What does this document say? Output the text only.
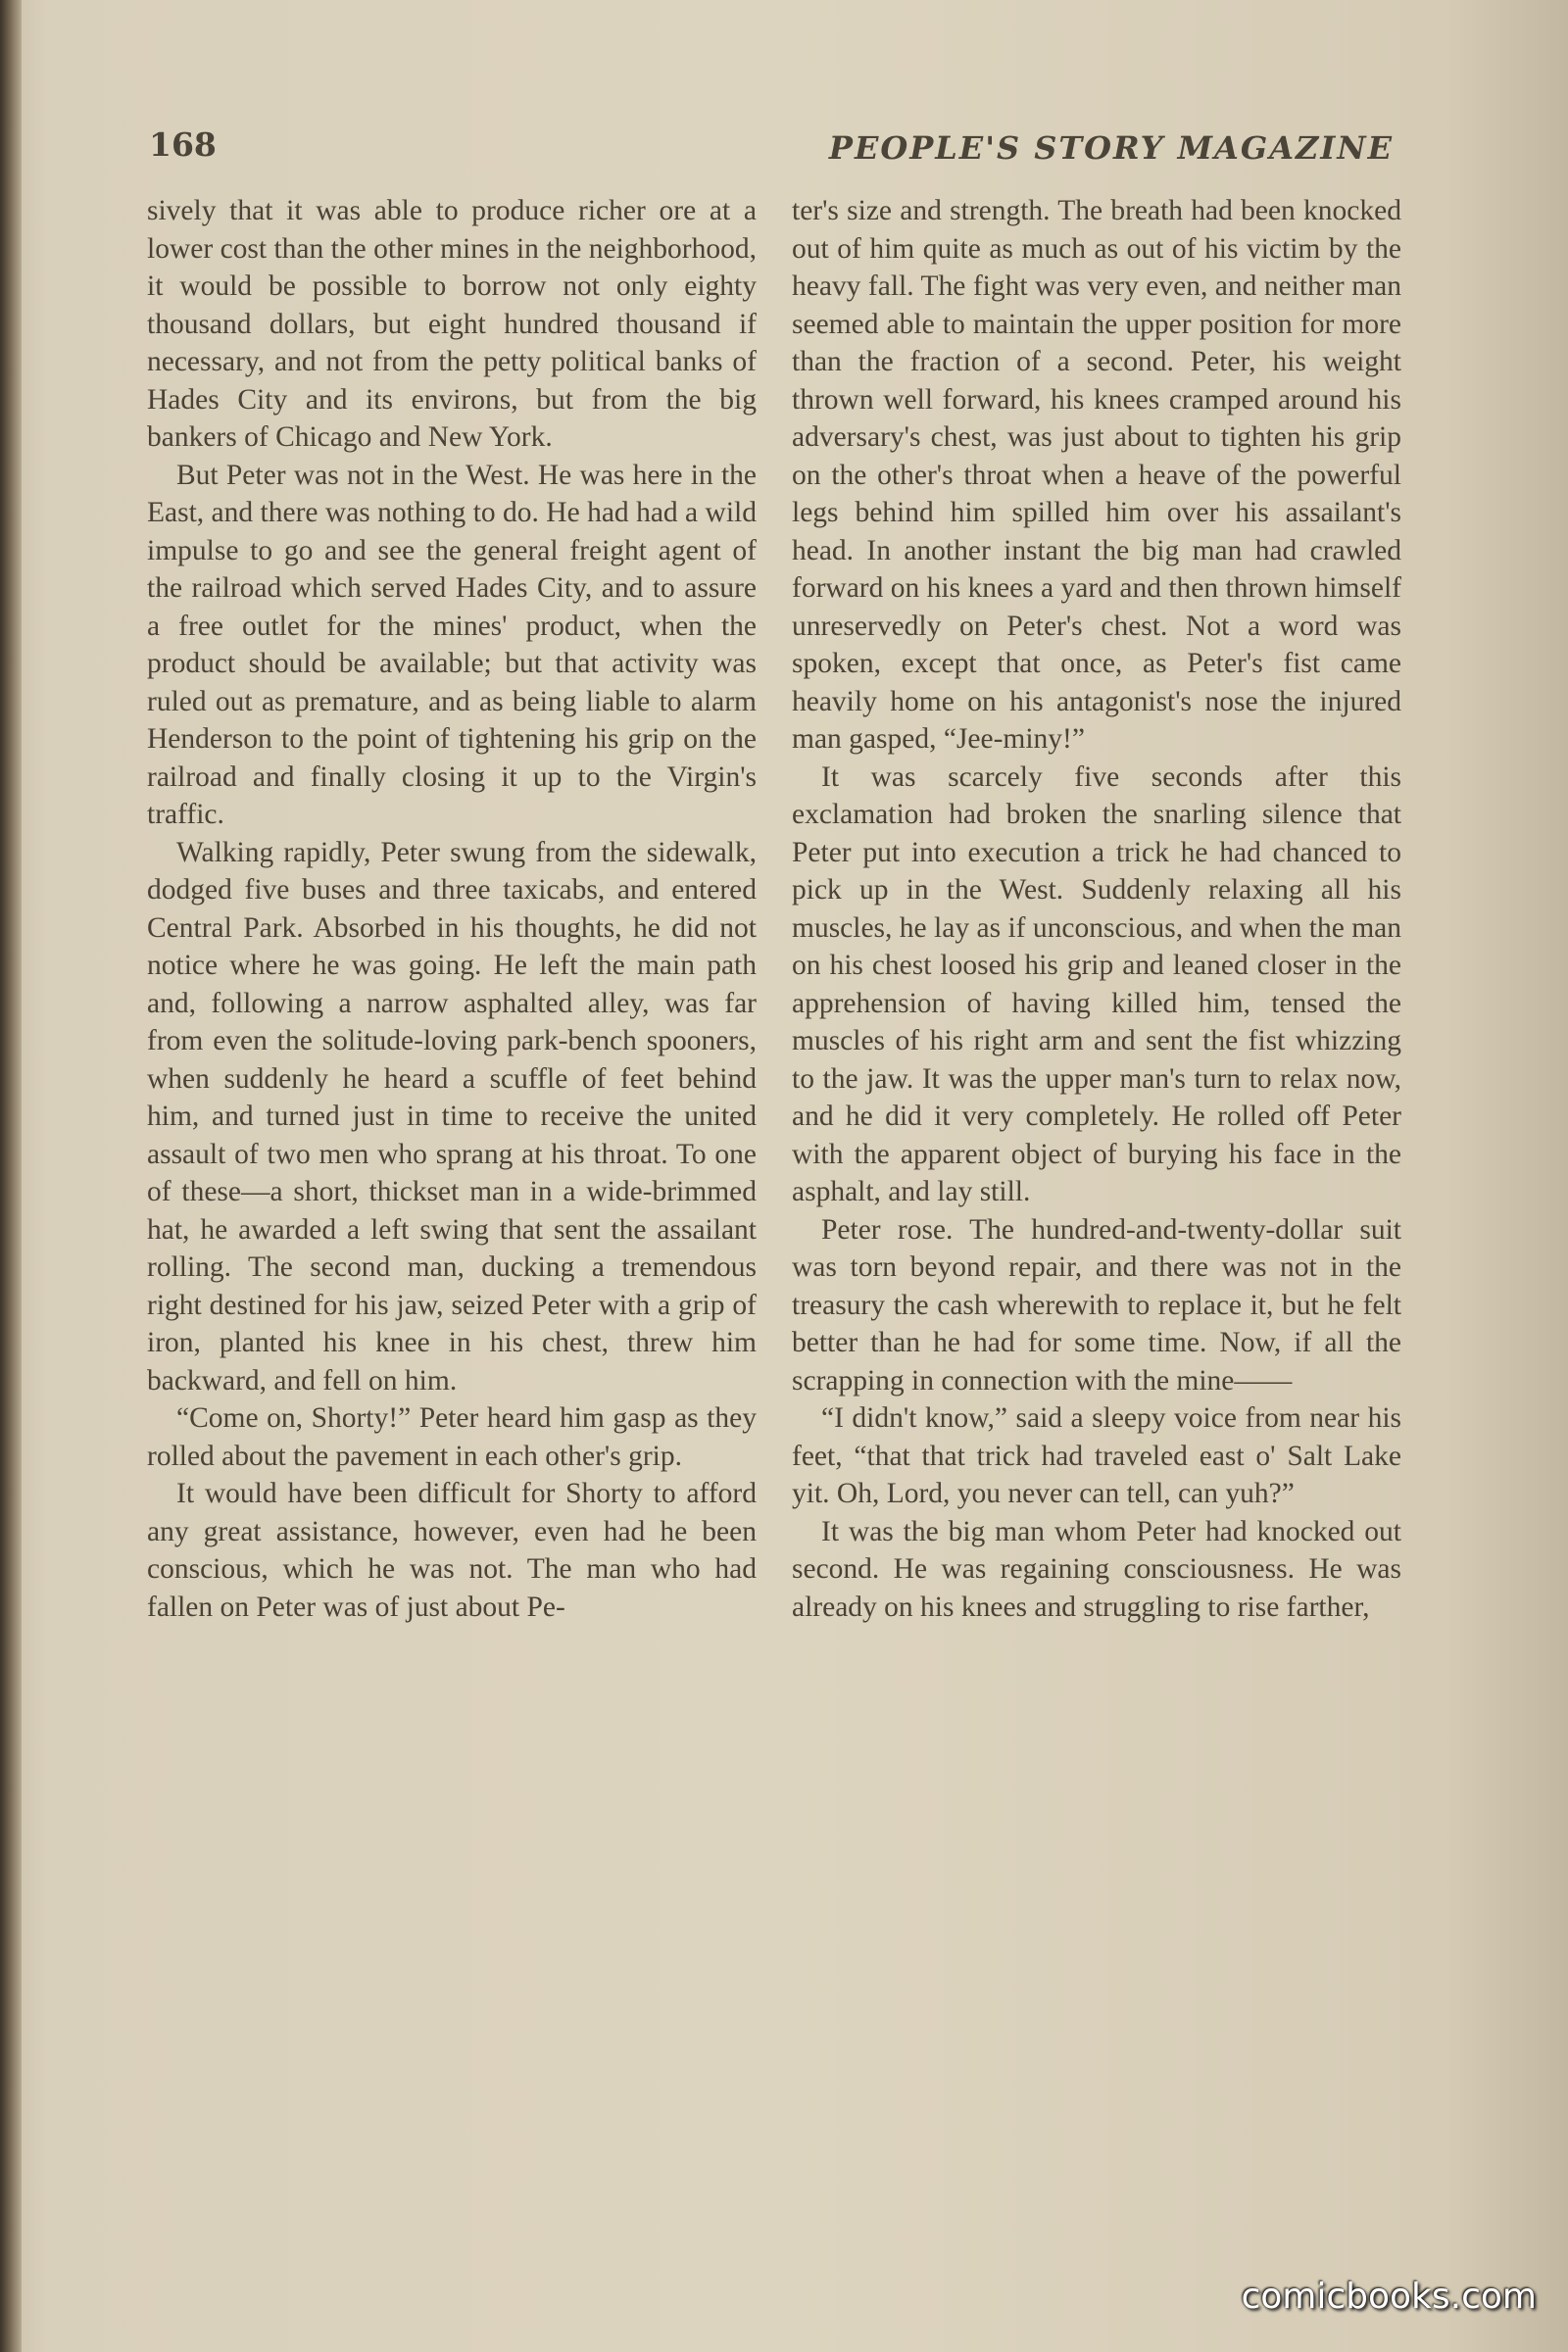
168	PEOPLE'S STORY MAGAZINE

sively that it was able to produce richer ore at a lower cost than the other mines in the neighborhood, it would be possible to borrow not only eighty thousand dollars, but eight hundred thousand if necessary, and not from the petty political banks of Hades City and its environs, but from the big bankers of Chicago and New York.

But Peter was not in the West. He was here in the East, and there was nothing to do. He had had a wild impulse to go and see the general freight agent of the railroad which served Hades City, and to assure a free outlet for the mines' product, when the product should be available; but that activity was ruled out as premature, and as being liable to alarm Henderson to the point of tightening his grip on the railroad and finally closing it up to the Virgin's traffic.

Walking rapidly, Peter swung from the sidewalk, dodged five buses and three taxicabs, and entered Central Park. Absorbed in his thoughts, he did not notice where he was going. He left the main path and, following a narrow asphalted alley, was far from even the solitude-loving park-bench spooners, when suddenly he heard a scuffle of feet behind him, and turned just in time to receive the united assault of two men who sprang at his throat. To one of these—a short, thickset man in a wide-brimmed hat, he awarded a left swing that sent the assailant rolling. The second man, ducking a tremendous right destined for his jaw, seized Peter with a grip of iron, planted his knee in his chest, threw him backward, and fell on him.

“Come on, Shorty!” Peter heard him gasp as they rolled about the pavement in each other's grip.

It would have been difficult for Shorty to afford any great assistance, however, even had he been conscious, which he was not. The man who had fallen on Peter was of just about Pe-

ter's size and strength. The breath had been knocked out of him quite as much as out of his victim by the heavy fall. The fight was very even, and neither man seemed able to maintain the upper position for more than the fraction of a second. Peter, his weight thrown well forward, his knees cramped around his adversary's chest, was just about to tighten his grip on the other's throat when a heave of the powerful legs behind him spilled him over his assailant's head. In another instant the big man had crawled forward on his knees a yard and then thrown himself unreservedly on Peter's chest. Not a word was spoken, except that once, as Peter's fist came heavily home on his antagonist's nose the injured man gasped, “Jee-miny!”

It was scarcely five seconds after this exclamation had broken the snarling silence that Peter put into execution a trick he had chanced to pick up in the West. Suddenly relaxing all his muscles, he lay as if unconscious, and when the man on his chest loosed his grip and leaned closer in the apprehension of having killed him, tensed the muscles of his right arm and sent the fist whizzing to the jaw. It was the upper man's turn to relax now, and he did it very completely. He rolled off Peter with the apparent object of burying his face in the asphalt, and lay still.

Peter rose. The hundred-and-twenty-dollar suit was torn beyond repair, and there was not in the treasury the cash wherewith to replace it, but he felt better than he had for some time. Now, if all the scrapping in connection with the mine——

“I didn't know,” said a sleepy voice from near his feet, “that that trick had traveled east o' Salt Lake yit. Oh, Lord, you never can tell, can yuh?”

It was the big man whom Peter had knocked out second. He was regaining consciousness. He was already on his knees and struggling to rise farther,

comicbooks.com
